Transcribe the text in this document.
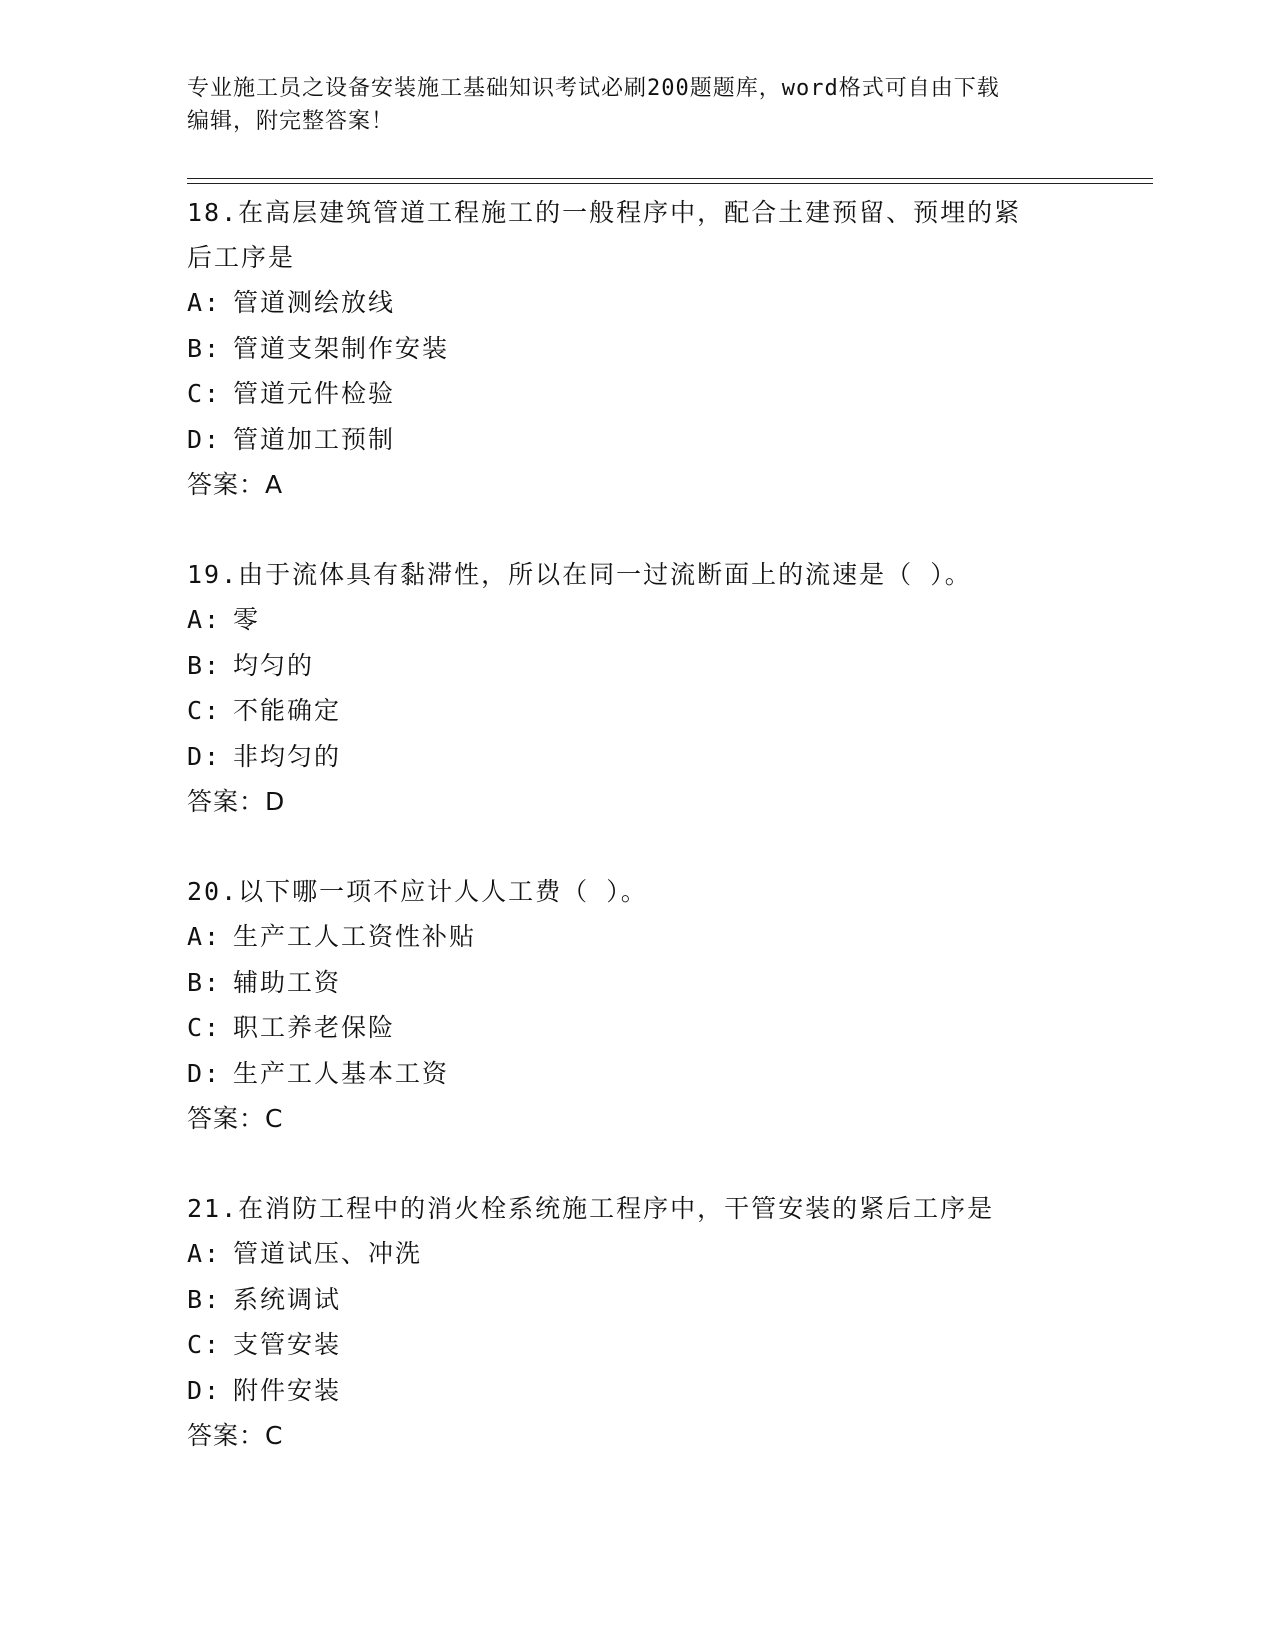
专业施工员之设备安装施工基础知识考试必刷200题题库，word格式可自由下载
编辑，附完整答案！
18.在高层建筑管道工程施工的一般程序中，配合土建预留、预埋的紧
后工序是
A: 管道测绘放线
B: 管道支架制作安装
C: 管道元件检验
D: 管道加工预制
答案：A
19.由于流体具有黏滞性，所以在同一过流断面上的流速是（ ）。
A: 零
B: 均匀的
C: 不能确定
D: 非均匀的
答案：D
20.以下哪一项不应计人人工费（ ）。
A: 生产工人工资性补贴
B: 辅助工资
C: 职工养老保险
D: 生产工人基本工资
答案：C
21.在消防工程中的消火栓系统施工程序中，干管安装的紧后工序是
A: 管道试压、冲洗
B: 系统调试
C: 支管安装
D: 附件安装
答案：C
